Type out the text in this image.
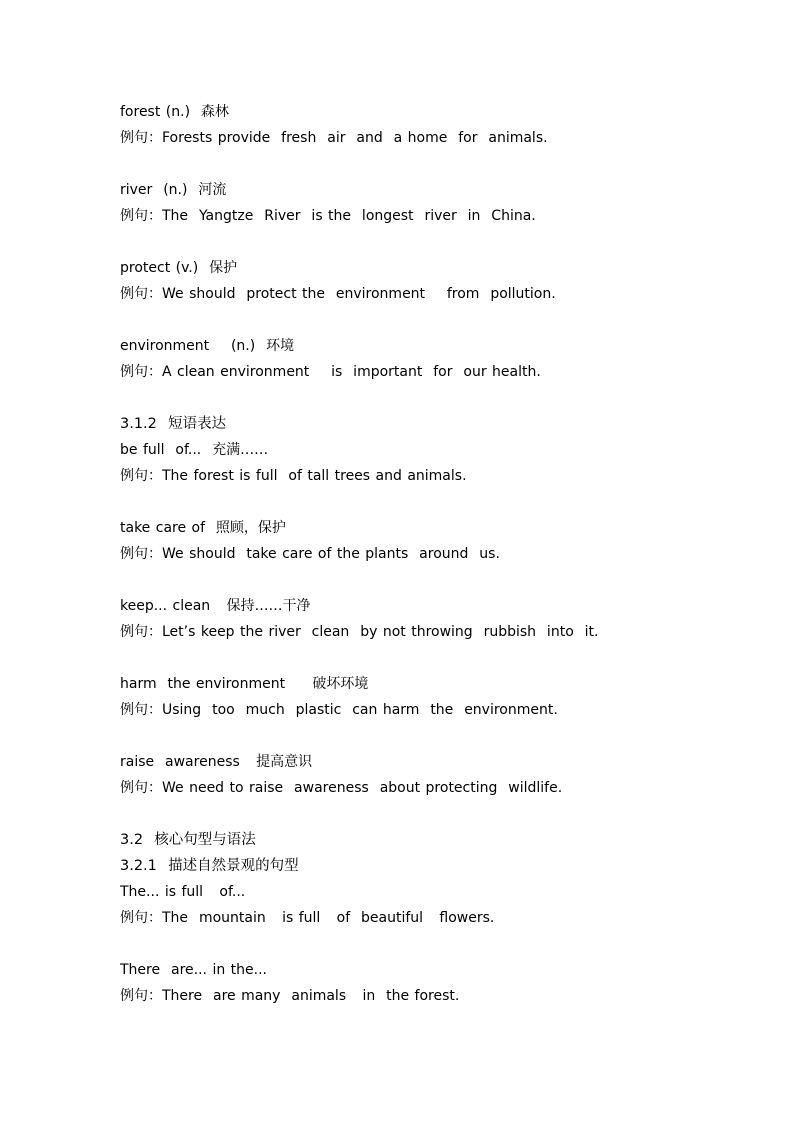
forest (n.)  森林
例句：Forests provide  fresh  air  and  a home  for  animals.
river  (n.)  河流
例句：The  Yangtze  River  is the  longest  river  in  China.
protect (v.)  保护
例句：We should  protect the  environment    from  pollution.
environment    (n.)  环境
例句：A clean environment    is  important  for  our health.
3.1.2  短语表达
be full  of...  充满……
例句：The forest is full  of tall trees and animals.
take care of  照顾，保护
例句：We should  take care of the plants  around  us.
keep... clean   保持……干净
例句：Let’s keep the river  clean  by not throwing  rubbish  into  it.
harm  the environment     破坏环境
例句：Using  too  much  plastic  can harm  the  environment.
raise  awareness   提高意识
例句：We need to raise  awareness  about protecting  wildlife.
3.2  核心句型与语法
3.2.1  描述自然景观的句型
The... is full   of...
例句：The  mountain   is full   of  beautiful   flowers.
There  are... in the...
例句：There  are many  animals   in  the forest.
